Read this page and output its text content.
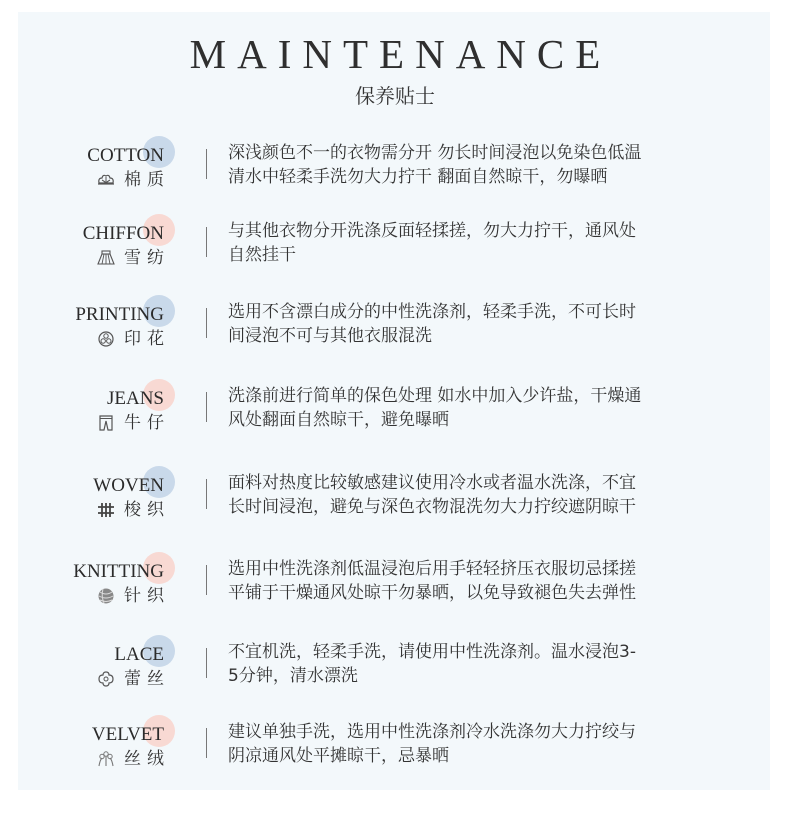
MAINTENANCE
保养贴士
COTTON
棉质
深浅颜色不一的衣物需分开 勿长时间浸泡以免染色低温
清水中轻柔手洗勿大力拧干 翻面自然晾干，勿曝晒
CHIFFON
雪纺
与其他衣物分开洗涤反面轻揉搓，勿大力拧干，通风处
自然挂干
PRINTING
印花
选用不含漂白成分的中性洗涤剂，轻柔手洗，不可长时
间浸泡不可与其他衣服混洗
JEANS
牛仔
洗涤前进行简单的保色处理 如水中加入少许盐，干燥通
风处翻面自然晾干，避免曝晒
WOVEN
梭织
面料对热度比较敏感建议使用冷水或者温水洗涤，不宜
长时间浸泡，避免与深色衣物混洗勿大力拧绞遮阴晾干
KNITTING
针织
选用中性洗涤剂低温浸泡后用手轻轻挤压衣服切忌揉搓
平铺于干燥通风处晾干勿暴晒，以免导致褪色失去弹性
LACE
蕾丝
不宜机洗，轻柔手洗，请使用中性洗涤剂。温水浸泡3-
5分钟，清水漂洗
VELVET
丝绒
建议单独手洗，选用中性洗涤剂冷水洗涤勿大力拧绞与
阴凉通风处平摊晾干，忌暴晒
